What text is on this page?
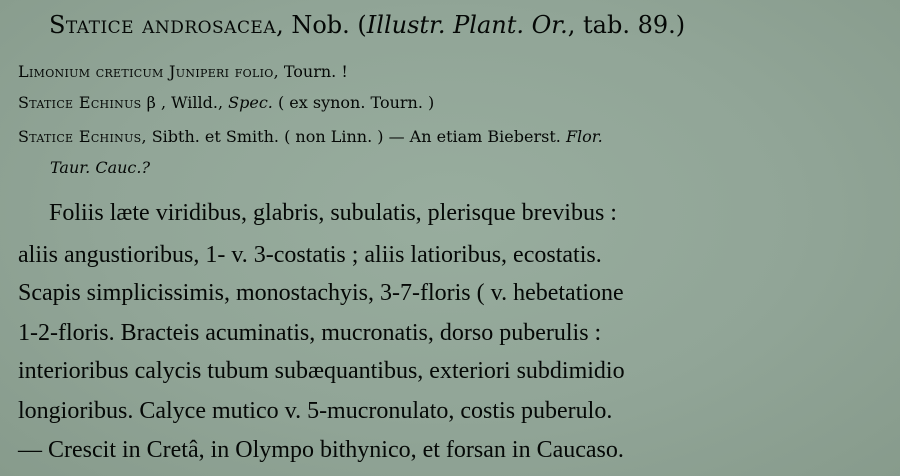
Statice androsacea, Nob. (Illustr. Plant. Or., tab. 89.)
Limonium creticum Juniperi folio, Tourn. !
Statice Echinus β , Willd., Spec. ( ex synon. Tourn. )
Statice Echinus, Sibth. et Smith. ( non Linn. ) — An etiam Bieberst. Flor.
Taur. Cauc.?
Foliis læte viridibus, glabris, subulatis, plerisque brevibus :
aliis angustioribus, 1- v. 3-costatis ; aliis latioribus, ecostatis.
Scapis simplicissimis, monostachyis, 3-7-floris ( v. hebetatione
1-2-floris. Bracteis acuminatis, mucronatis, dorso puberulis :
interioribus calycis tubum subæquantibus, exteriori subdimidio
longioribus. Calyce mutico v. 5-mucronulato, costis puberulo.
— Crescit in Cretâ, in Olympo bithynico, et forsan in Caucaso.
